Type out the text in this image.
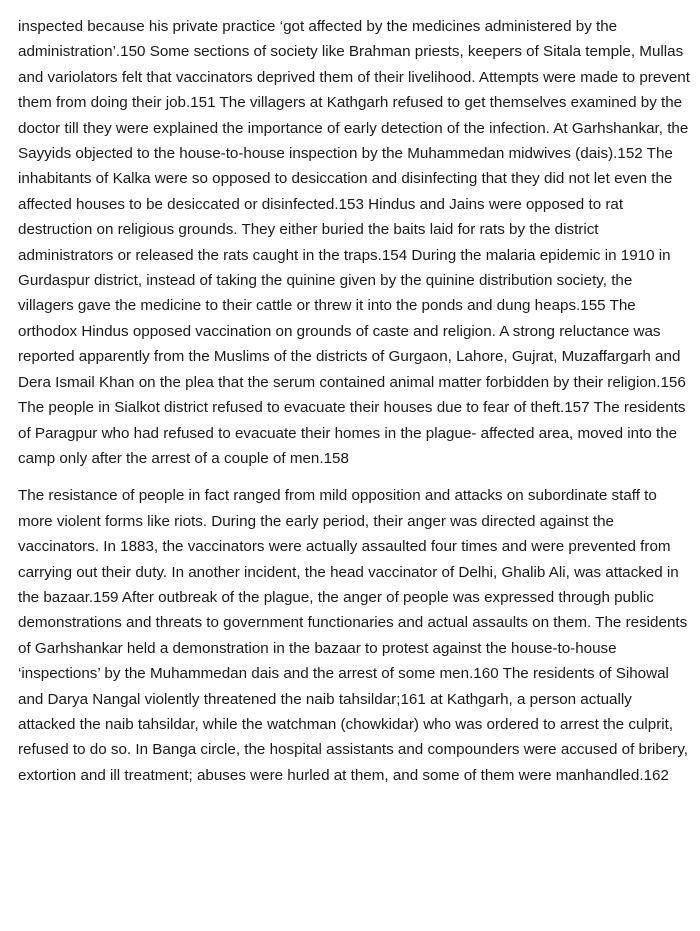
inspected because his private practice ‘got affected by the medicines administered by the administration’.150 Some sections of society like Brahman priests, keepers of Sitala temple, Mullas and variolators felt that vaccinators deprived them of their livelihood. Attempts were made to prevent them from doing their job.151 The villagers at Kathgarh refused to get themselves examined by the doctor till they were explained the importance of early detection of the infection. At Garhshankar, the Sayyids objected to the house-to-house inspection by the Muhammedan midwives (dais).152 The inhabitants of Kalka were so opposed to desiccation and disinfecting that they did not let even the affected houses to be desiccated or disinfected.153 Hindus and Jains were opposed to rat destruction on religious grounds. They either buried the baits laid for rats by the district administrators or released the rats caught in the traps.154 During the malaria epidemic in 1910 in Gurdaspur district, instead of taking the quinine given by the quinine distribution society, the villagers gave the medicine to their cattle or threw it into the ponds and dung heaps.155 The orthodox Hindus opposed vaccination on grounds of caste and religion. A strong reluctance was reported apparently from the Muslims of the districts of Gurgaon, Lahore, Gujrat, Muzaffargarh and Dera Ismail Khan on the plea that the serum contained animal matter forbidden by their religion.156 The people in Sialkot district refused to evacuate their houses due to fear of theft.157 The residents of Paragpur who had refused to evacuate their homes in the plague- affected area, moved into the camp only after the arrest of a couple of men.158

The resistance of people in fact ranged from mild opposition and attacks on subordinate staff to more violent forms like riots. During the early period, their anger was directed against the vaccinators. In 1883, the vaccinators were actually assaulted four times and were prevented from carrying out their duty. In another incident, the head vaccinator of Delhi, Ghalib Ali, was attacked in the bazaar.159 After outbreak of the plague, the anger of people was expressed through public demonstrations and threats to government functionaries and actual assaults on them. The residents of Garhshankar held a demonstration in the bazaar to protest against the house-to-house ‘inspections’ by the Muhammedan dais and the arrest of some men.160 The residents of Sihowal and Darya Nangal violently threatened the naib tahsildar;161 at Kathgarh, a person actually attacked the naib tahsildar, while the watchman (chowkidar) who was ordered to arrest the culprit, refused to do so. In Banga circle, the hospital assistants and compounders were accused of bribery, extortion and ill treatment; abuses were hurled at them, and some of them were manhandled.162
